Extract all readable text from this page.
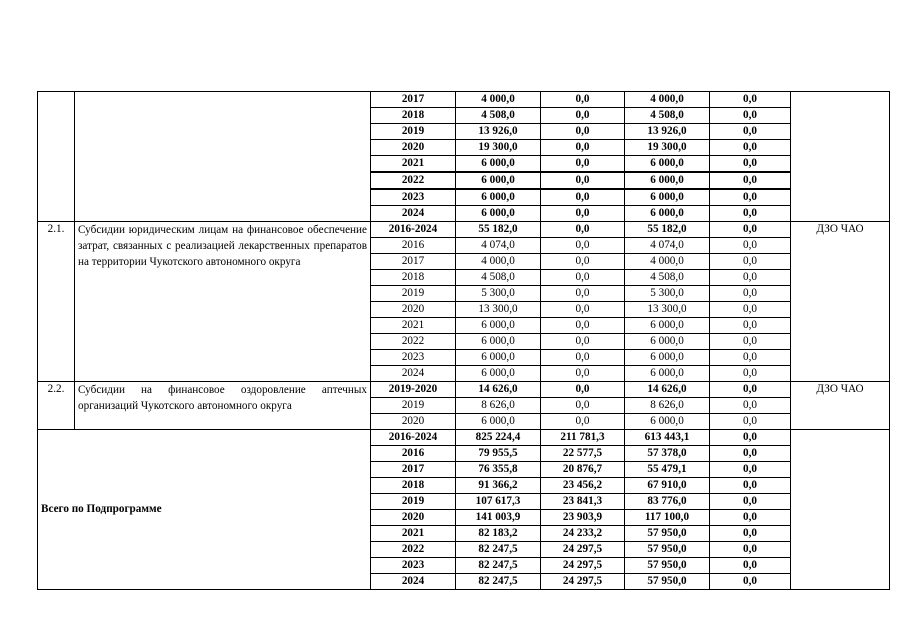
		2017	4 000,0	0,0	4 000,0	0,0	
		2018	4 508,0	0,0	4 508,0	0,0	
		2019	13 926,0	0,0	13 926,0	0,0	
		2020	19 300,0	0,0	19 300,0	0,0	
		2021	6 000,0	0,0	6 000,0	0,0	
		2022	6 000,0	0,0	6 000,0	0,0	
		2023	6 000,0	0,0	6 000,0	0,0	
		2024	6 000,0	0,0	6 000,0	0,0	
2.1.	Субсидии юридическим лицам на финансовое обеспечение затрат, связанных с реализацией лекарственных препаратов на территории Чукотского автономного округа	2016-2024	55 182,0	0,0	55 182,0	0,0	ДЗО ЧАО
		2016	4 074,0	0,0	4 074,0	0,0	
		2017	4 000,0	0,0	4 000,0	0,0	
		2018	4 508,0	0,0	4 508,0	0,0	
		2019	5 300,0	0,0	5 300,0	0,0	
		2020	13 300,0	0,0	13 300,0	0,0	
		2021	6 000,0	0,0	6 000,0	0,0	
		2022	6 000,0	0,0	6 000,0	0,0	
		2023	6 000,0	0,0	6 000,0	0,0	
		2024	6 000,0	0,0	6 000,0	0,0	
2.2.	Субсидии на финансовое оздоровление аптечных организаций Чукотского автономного округа	2019-2020	14 626,0	0,0	14 626,0	0,0	ДЗО ЧАО
		2019	8 626,0	0,0	8 626,0	0,0	
		2020	6 000,0	0,0	6 000,0	0,0	
Всего по Подпрограмме		2016-2024	825 224,4	211 781,3	613 443,1	0,0	
		2016	79 955,5	22 577,5	57 378,0	0,0	
		2017	76 355,8	20 876,7	55 479,1	0,0	
		2018	91 366,2	23 456,2	67 910,0	0,0	
		2019	107 617,3	23 841,3	83 776,0	0,0	
		2020	141 003,9	23 903,9	117 100,0	0,0	
		2021	82 183,2	24 233,2	57 950,0	0,0	
		2022	82 247,5	24 297,5	57 950,0	0,0	
		2023	82 247,5	24 297,5	57 950,0	0,0	
		2024	82 247,5	24 297,5	57 950,0	0,0	
